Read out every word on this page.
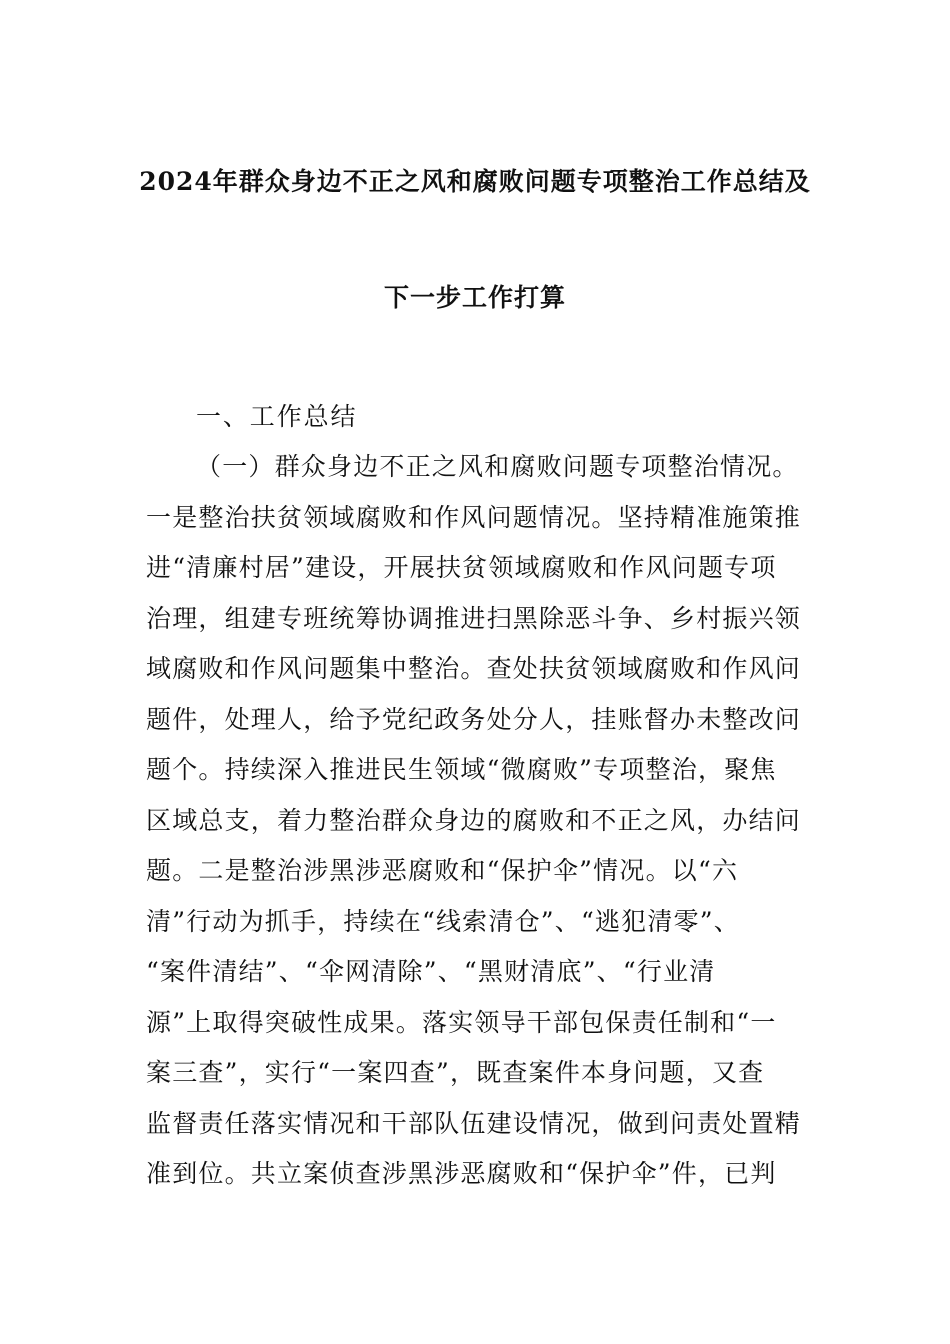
2024年群众身边不正之风和腐败问题专项整治工作总结及
下一步工作打算
一、工作总结
（一）群众身边不正之风和腐败问题专项整治情况。
一是整治扶贫领域腐败和作风问题情况。坚持精准施策推
进“清廉村居”建设，开展扶贫领域腐败和作风问题专项
治理，组建专班统筹协调推进扫黑除恶斗争、乡村振兴领
域腐败和作风问题集中整治。查处扶贫领域腐败和作风问
题件，处理人，给予党纪政务处分人，挂账督办未整改问
题个。持续深入推进民生领域“微腐败”专项整治，聚焦
区域总支，着力整治群众身边的腐败和不正之风，办结问
题。二是整治涉黑涉恶腐败和“保护伞”情况。以“六
清”行动为抓手，持续在“线索清仓”、“逃犯清零”、
“案件清结”、“伞网清除”、“黑财清底”、“行业清
源”上取得突破性成果。落实领导干部包保责任制和“一
案三查”，实行“一案四查”，既查案件本身问题，又查
监督责任落实情况和干部队伍建设情况，做到问责处置精
准到位。共立案侦查涉黑涉恶腐败和“保护伞”件，已判
